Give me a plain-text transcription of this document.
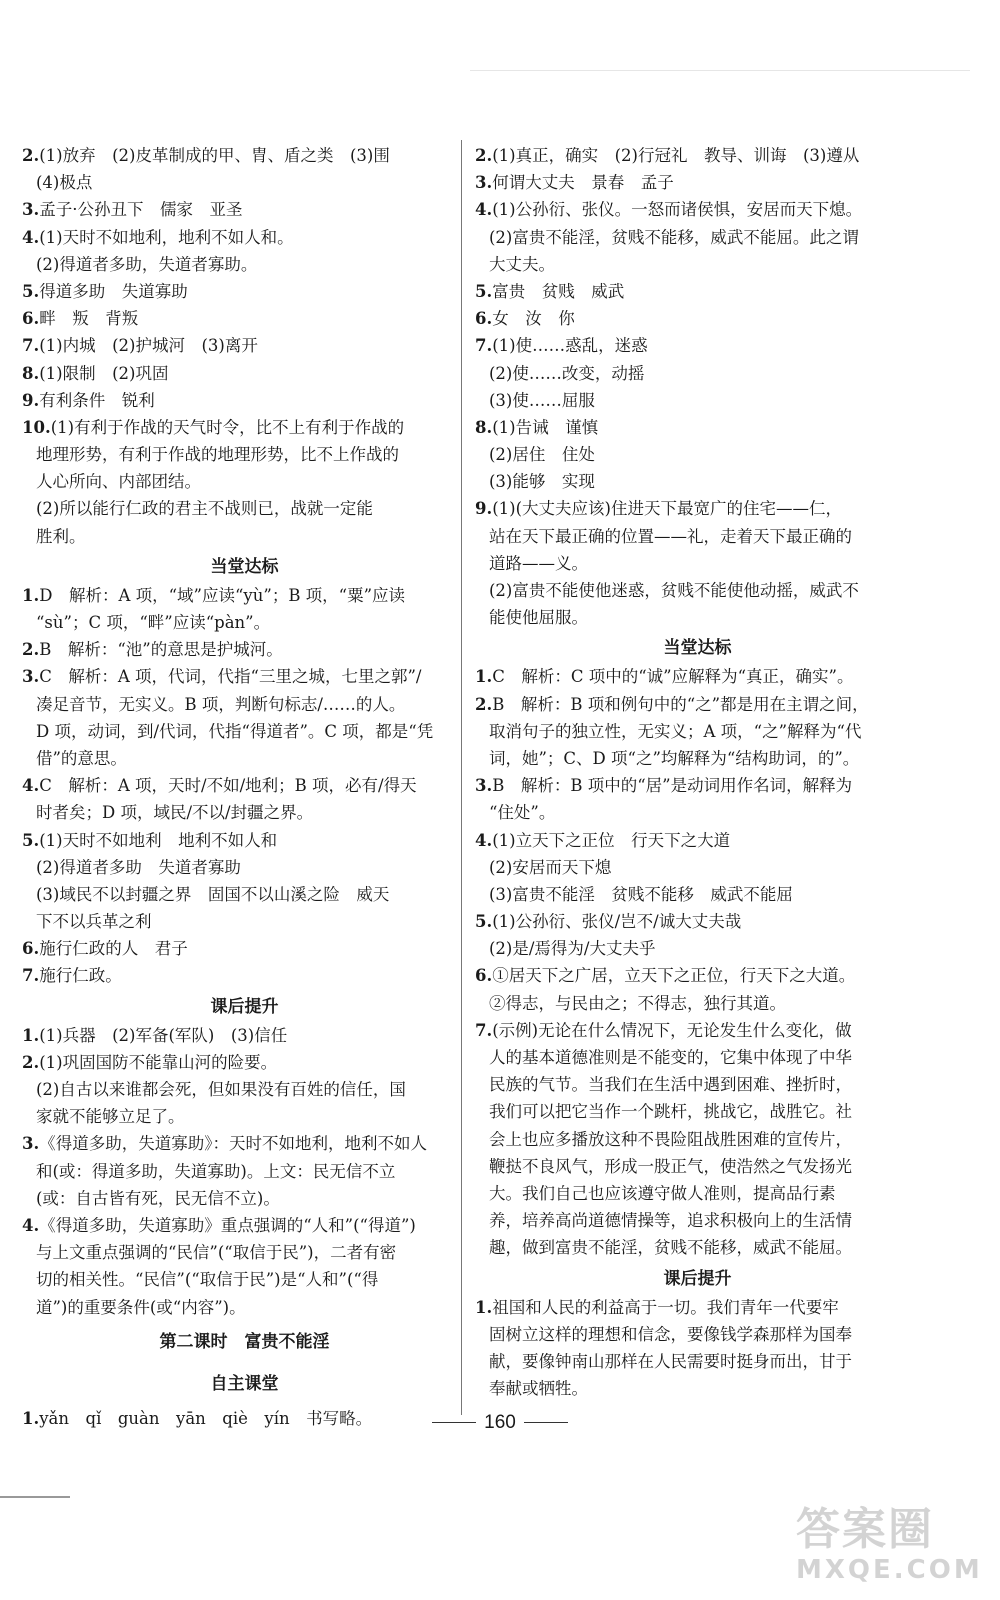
2.(1)放弃　(2)皮革制成的甲、胄、盾之类　(3)围
(4)极点
3.孟子·公孙丑下　儒家　亚圣
4.(1)天时不如地利，地利不如人和。
(2)得道者多助，失道者寡助。
5.得道多助　失道寡助
6.畔　叛　背叛
7.(1)内城　(2)护城河　(3)离开
8.(1)限制　(2)巩固
9.有利条件　锐利
10.(1)有利于作战的天气时令，比不上有利于作战的
地理形势，有利于作战的地理形势，比不上作战的
人心所向、内部团结。
(2)所以能行仁政的君主不战则已，战就一定能
胜利。
当堂达标
1.D　解析：A 项，“域”应读“yù”；B 项，“粟”应读
“sù”；C 项，“畔”应读“pàn”。
2.B　解析：“池”的意思是护城河。
3.C　解析：A 项，代词，代指“三里之城，七里之郭”/
凑足音节，无实义。B 项，判断句标志/……的人。
D 项，动词，到/代词，代指“得道者”。C 项，都是“凭
借”的意思。
4.C　解析：A 项，天时/不如/地利；B 项，必有/得天
时者矣；D 项，域民/不以/封疆之界。
5.(1)天时不如地利　地利不如人和
(2)得道者多助　失道者寡助
(3)域民不以封疆之界　固国不以山溪之险　威天
下不以兵革之利
6.施行仁政的人　君子
7.施行仁政。
课后提升
1.(1)兵器　(2)军备(军队)　(3)信任
2.(1)巩固国防不能靠山河的险要。
(2)自古以来谁都会死，但如果没有百姓的信任，国
家就不能够立足了。
3.《得道多助，失道寡助》：天时不如地利，地利不如人
和(或：得道多助，失道寡助)。上文：民无信不立
(或：自古皆有死，民无信不立)。
4.《得道多助，失道寡助》重点强调的“人和”(“得道”)
与上文重点强调的“民信”(“取信于民”)，二者有密
切的相关性。“民信”(“取信于民”)是“人和”(“得
道”)的重要条件(或“内容”)。
第二课时　富贵不能淫
自主课堂
1.yǎn　qǐ　guàn　yān　qiè　yín　书写略。
2.(1)真正，确实　(2)行冠礼　教导、训诲　(3)遵从
3.何谓大丈夫　景春　孟子
4.(1)公孙衍、张仪。一怒而诸侯惧，安居而天下熄。
(2)富贵不能淫，贫贱不能移，威武不能屈。此之谓
大丈夫。
5.富贵　贫贱　威武
6.女　汝　你
7.(1)使……惑乱，迷惑
(2)使……改变，动摇
(3)使……屈服
8.(1)告诫　谨慎
(2)居住　住处
(3)能够　实现
9.(1)(大丈夫应该)住进天下最宽广的住宅——仁，
站在天下最正确的位置——礼，走着天下最正确的
道路——义。
(2)富贵不能使他迷惑，贫贱不能使他动摇，威武不
能使他屈服。
当堂达标
1.C　解析：C 项中的“诚”应解释为“真正，确实”。
2.B　解析：B 项和例句中的“之”都是用在主谓之间，
取消句子的独立性，无实义；A 项，“之”解释为“代
词，她”；C、D 项“之”均解释为“结构助词，的”。
3.B　解析：B 项中的“居”是动词用作名词，解释为
“住处”。
4.(1)立天下之正位　行天下之大道
(2)安居而天下熄
(3)富贵不能淫　贫贱不能移　威武不能屈
5.(1)公孙衍、张仪/岂不/诚大丈夫哉
(2)是/焉得为/大丈夫乎
6.①居天下之广居，立天下之正位，行天下之大道。
②得志，与民由之；不得志，独行其道。
7.(示例)无论在什么情况下，无论发生什么变化，做
人的基本道德准则是不能变的，它集中体现了中华
民族的气节。当我们在生活中遇到困难、挫折时，
我们可以把它当作一个跳杆，挑战它，战胜它。社
会上也应多播放这种不畏险阻战胜困难的宣传片，
鞭挞不良风气，形成一股正气，使浩然之气发扬光
大。我们自己也应该遵守做人准则，提高品行素
养，培养高尚道德情操等，追求积极向上的生活情
趣，做到富贵不能淫，贫贱不能移，威武不能屈。
课后提升
1.祖国和人民的利益高于一切。我们青年一代要牢
固树立这样的理想和信念，要像钱学森那样为国奉
献，要像钟南山那样在人民需要时挺身而出，甘于
奉献或牺牲。
160
答案圈
MXQE.COM
